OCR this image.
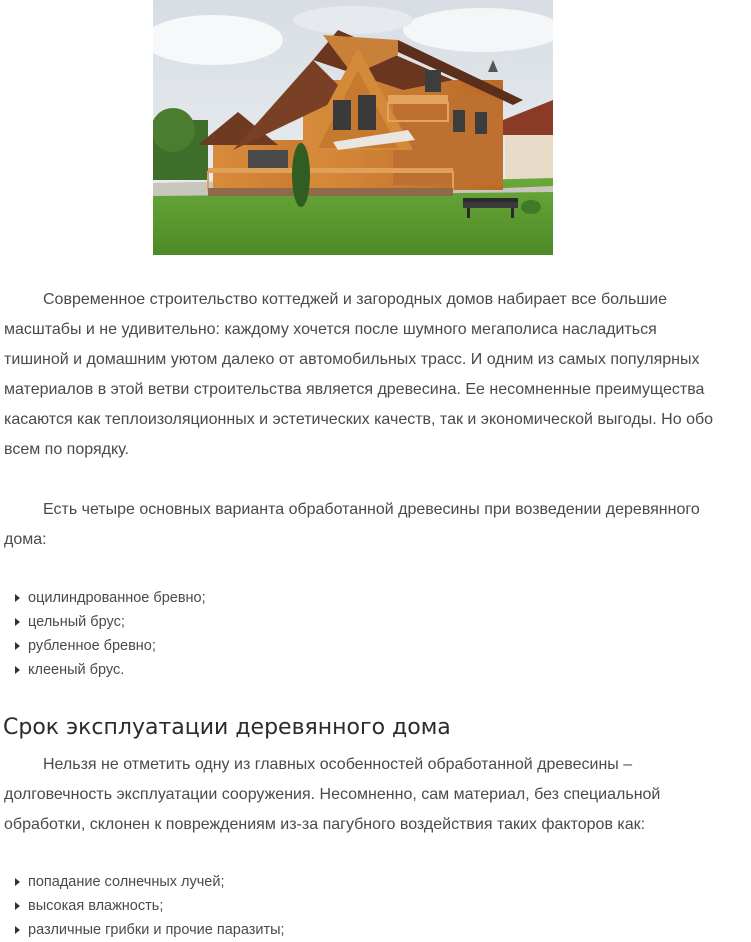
Современное строительство коттеджей и загородных домов набирает все большие масштабы и не удивительно: каждому хочется после шумного мегаполиса насладиться тишиной и домашним уютом далеко от автомобильных трасс. И одним из самых популярных материалов в этой ветви строительства является древесина. Ее несомненные преимущества касаются как теплоизоляционных и эстетических качеств, так и экономической выгоды. Но обо всем по порядку.

Есть четыре основных варианта обработанной древесины при возведении деревянного дома:

оцилиндрованное бревно;
цельный брус;
рубленное бревно;
клееный брус.
Срок эксплуатации деревянного дома

Нельзя не отметить одну из главных особенностей обработанной древесины – долговечность эксплуатации сооружения. Несомненно, сам материал, без специальной обработки, склонен к повреждениям из-за пагубного воздействия таких факторов как:

попадание солнечных лучей;
высокая влажность;
различные грибки и прочие паразиты;
